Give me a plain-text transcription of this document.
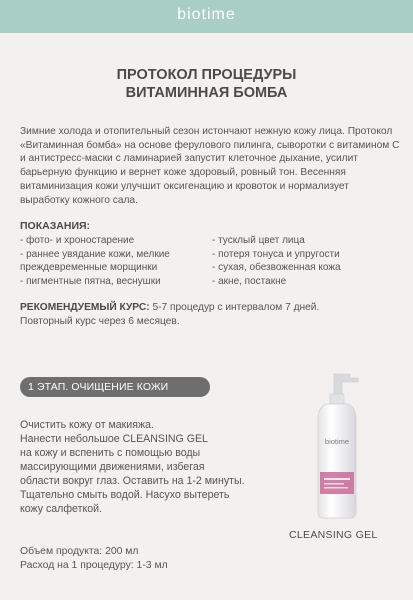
biotime
ПРОТОКОЛ ПРОЦЕДУРЫ
ВИТАМИННАЯ БОМБА

Зимние холода и отопительный сезон истончают нежную кожу лица. Протокол «Витаминная бомба» на основе ферулового пилинга, сыворотки с витамином С и антистресс-маски с ламинарией запустит клеточное дыхание, усилит барьерную функцию и вернет коже здоровый, ровный тон. Весенняя витаминизация кожи улучшит оксигенацию и кровоток и нормализует выработку кожного сала.

ПОКАЗАНИЯ:
- фото- и хроностарение
- раннее увядание кожи, мелкие
преждевременные морщинки
- пигментные пятна, веснушки
- тусклый цвет лица
- потеря тонуса и упругости
- сухая, обезвоженная кожа
- акне, постакне
РЕКОМЕНДУЕМЫЙ КУРС: 5-7 процедур с интервалом 7 дней.
Повторный курс через 6 месяцев.
1 ЭТАП. ОЧИЩЕНИЕ КОЖИ
Очистить кожу от макияжа.
Нанести небольшое CLEANSING GEL
на кожу и вспенить с помощью воды
массирующими движениями, избегая
области вокруг глаз. Оставить на 1-2 минуты.
Тщательно смыть водой. Насухо вытереть
кожу салфеткой.
Объем продукта: 200 мл
Расход на 1 процедуру: 1-3 мл
biotime
CLEANSING GEL
